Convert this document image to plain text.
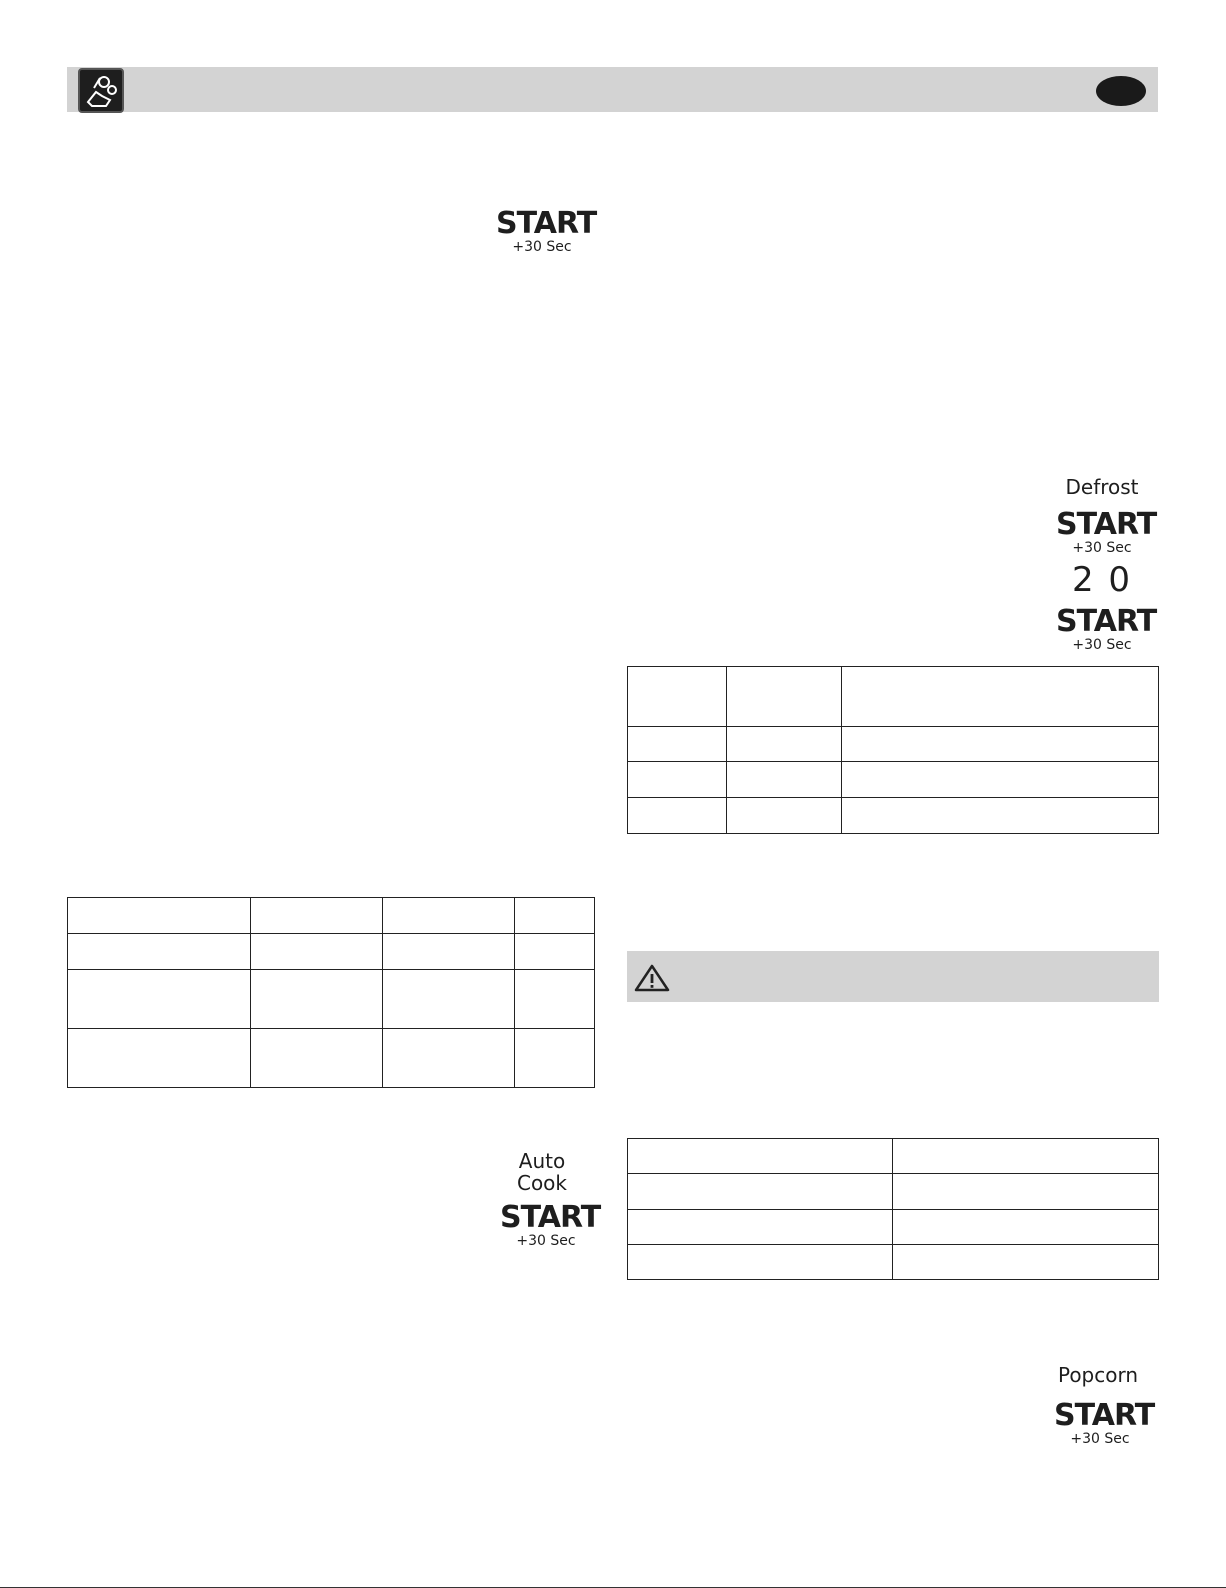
START
+30 Sec
Defrost
START
+30 Sec
2 0
START
+30 Sec

Auto
Cook
START
+30 Sec
Popcorn
START
+30 Sec
